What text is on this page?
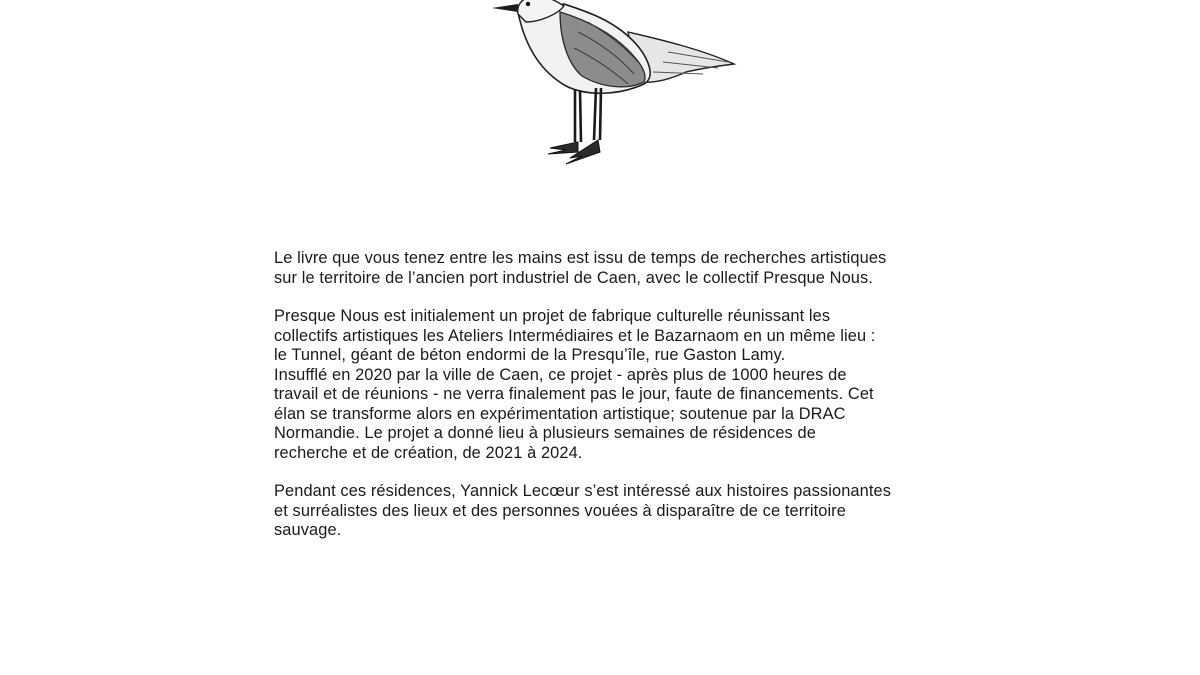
Le livre que vous tenez entre les mains est issu de temps de recherches artistiques
sur le territoire de l’ancien port industriel de Caen, avec le collectif Presque Nous.
Presque Nous est initialement un projet de fabrique culturelle réunissant les
collectifs artistiques les Ateliers Intermédiaires et le Bazarnaom en un même lieu :
le Tunnel, géant de béton endormi de la Presqu’île, rue Gaston Lamy.
Insufflé en 2020 par la ville de Caen, ce projet - après plus de 1000 heures de
travail et de réunions - ne verra finalement pas le jour, faute de financements. Cet
élan se transforme alors en expérimentation artistique; soutenue par la DRAC
Normandie. Le projet a donné lieu à plusieurs semaines de résidences de
recherche et de création, de 2021 à 2024.
Pendant ces résidences, Yannick Lecœur s’est intéressé aux histoires passionantes
et surréalistes des lieux et des personnes vouées à disparaître de ce territoire
sauvage.
